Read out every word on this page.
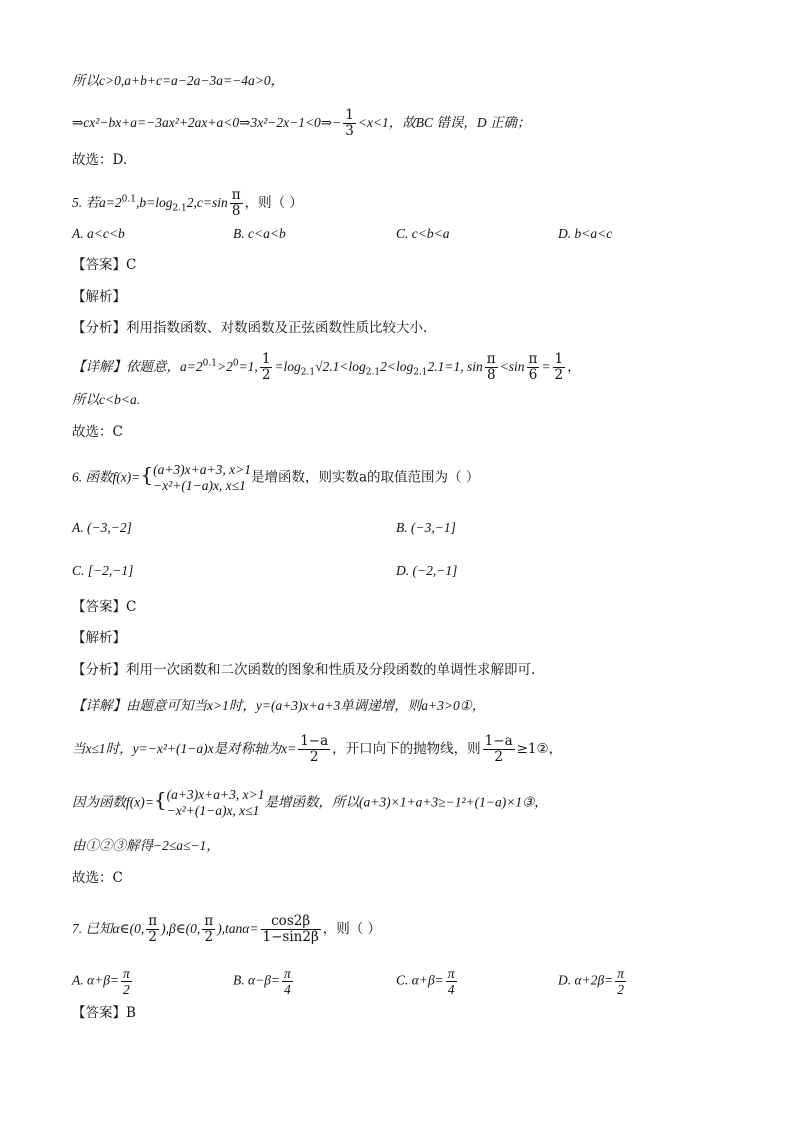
所以c>0,a+b+c=a−2a−3a=−4a>0，
⇒cx²−bx+a=−3ax²+2ax+a<0⇒3x²−2x−1<0⇒− $\frac{1}{3} <x<1$，故BC 错误，D 正确；
故选：D.
5. 若$a=2^{0.1},b=\log_{2.1}2,c=\sin \frac{\pi}{8}$ ，则（ ）
A. a<c<b	B. c<a<b	C. c<b<a	D. b<a<c
【答案】C
【解析】
【分析】利用指数函数、对数函数及正弦函数性质比较大小.
【详解】依题意，$a=2^{0.1}>2^0=1$, $\frac{1}{2} =\log_{2.1}√2.1<\log_{2.1}2<\log_{2.1}2.1=1$, $\sin \frac{\pi}{8} <\sin \frac{\pi}{6} = \frac{1}{2}$ ，
所以c<b<a.
故选：C
6. 函数f(x)={ (a+3)x+a+3, x>1
−x²+(1−a)x, x≤1 是增函数，则实数a的取值范围为（ ）
A. (−3,−2]	B. (−3,−1]
C. [−2,−1]	D. (−2,−1]
【答案】C
【解析】
【分析】利用一次函数和二次函数的图象和性质及分段函数的单调性求解即可.
【详解】由题意可知当x>1时，y=(a+3)x+a+3单调递增，则a+3>0①，
当x≤1时，y=−x²+(1−a)x是对称轴为$x= \frac{1-a}{2}$ ，开口向下的抛物线，则 $\frac{1-a}{2}$ ≥1②，
因为函数f(x)={ (a+3)x+a+3, x>1
−x²+(1−a)x, x≤1
是增函数，所以(a+3)×1+a+3≥−1²+(1−a)×1③，
由①②③解得−2≤a≤−1，
故选：C
7. 已知α∈(0, $\frac{\pi}{2}$ ),β∈(0, $\frac{\pi}{2} ),\tan\alpha= \frac{\cos 2\beta}{1-\sin 2\beta}$ ，则（ ）
A. $\alpha+\beta= \frac{\pi}{2}$	B. $\alpha-\beta= \frac{\pi}{4}$	C. $\alpha+\beta= \frac{\pi}{4}$	D. $\alpha+2\beta= \frac{\pi}{2}$
【答案】B
